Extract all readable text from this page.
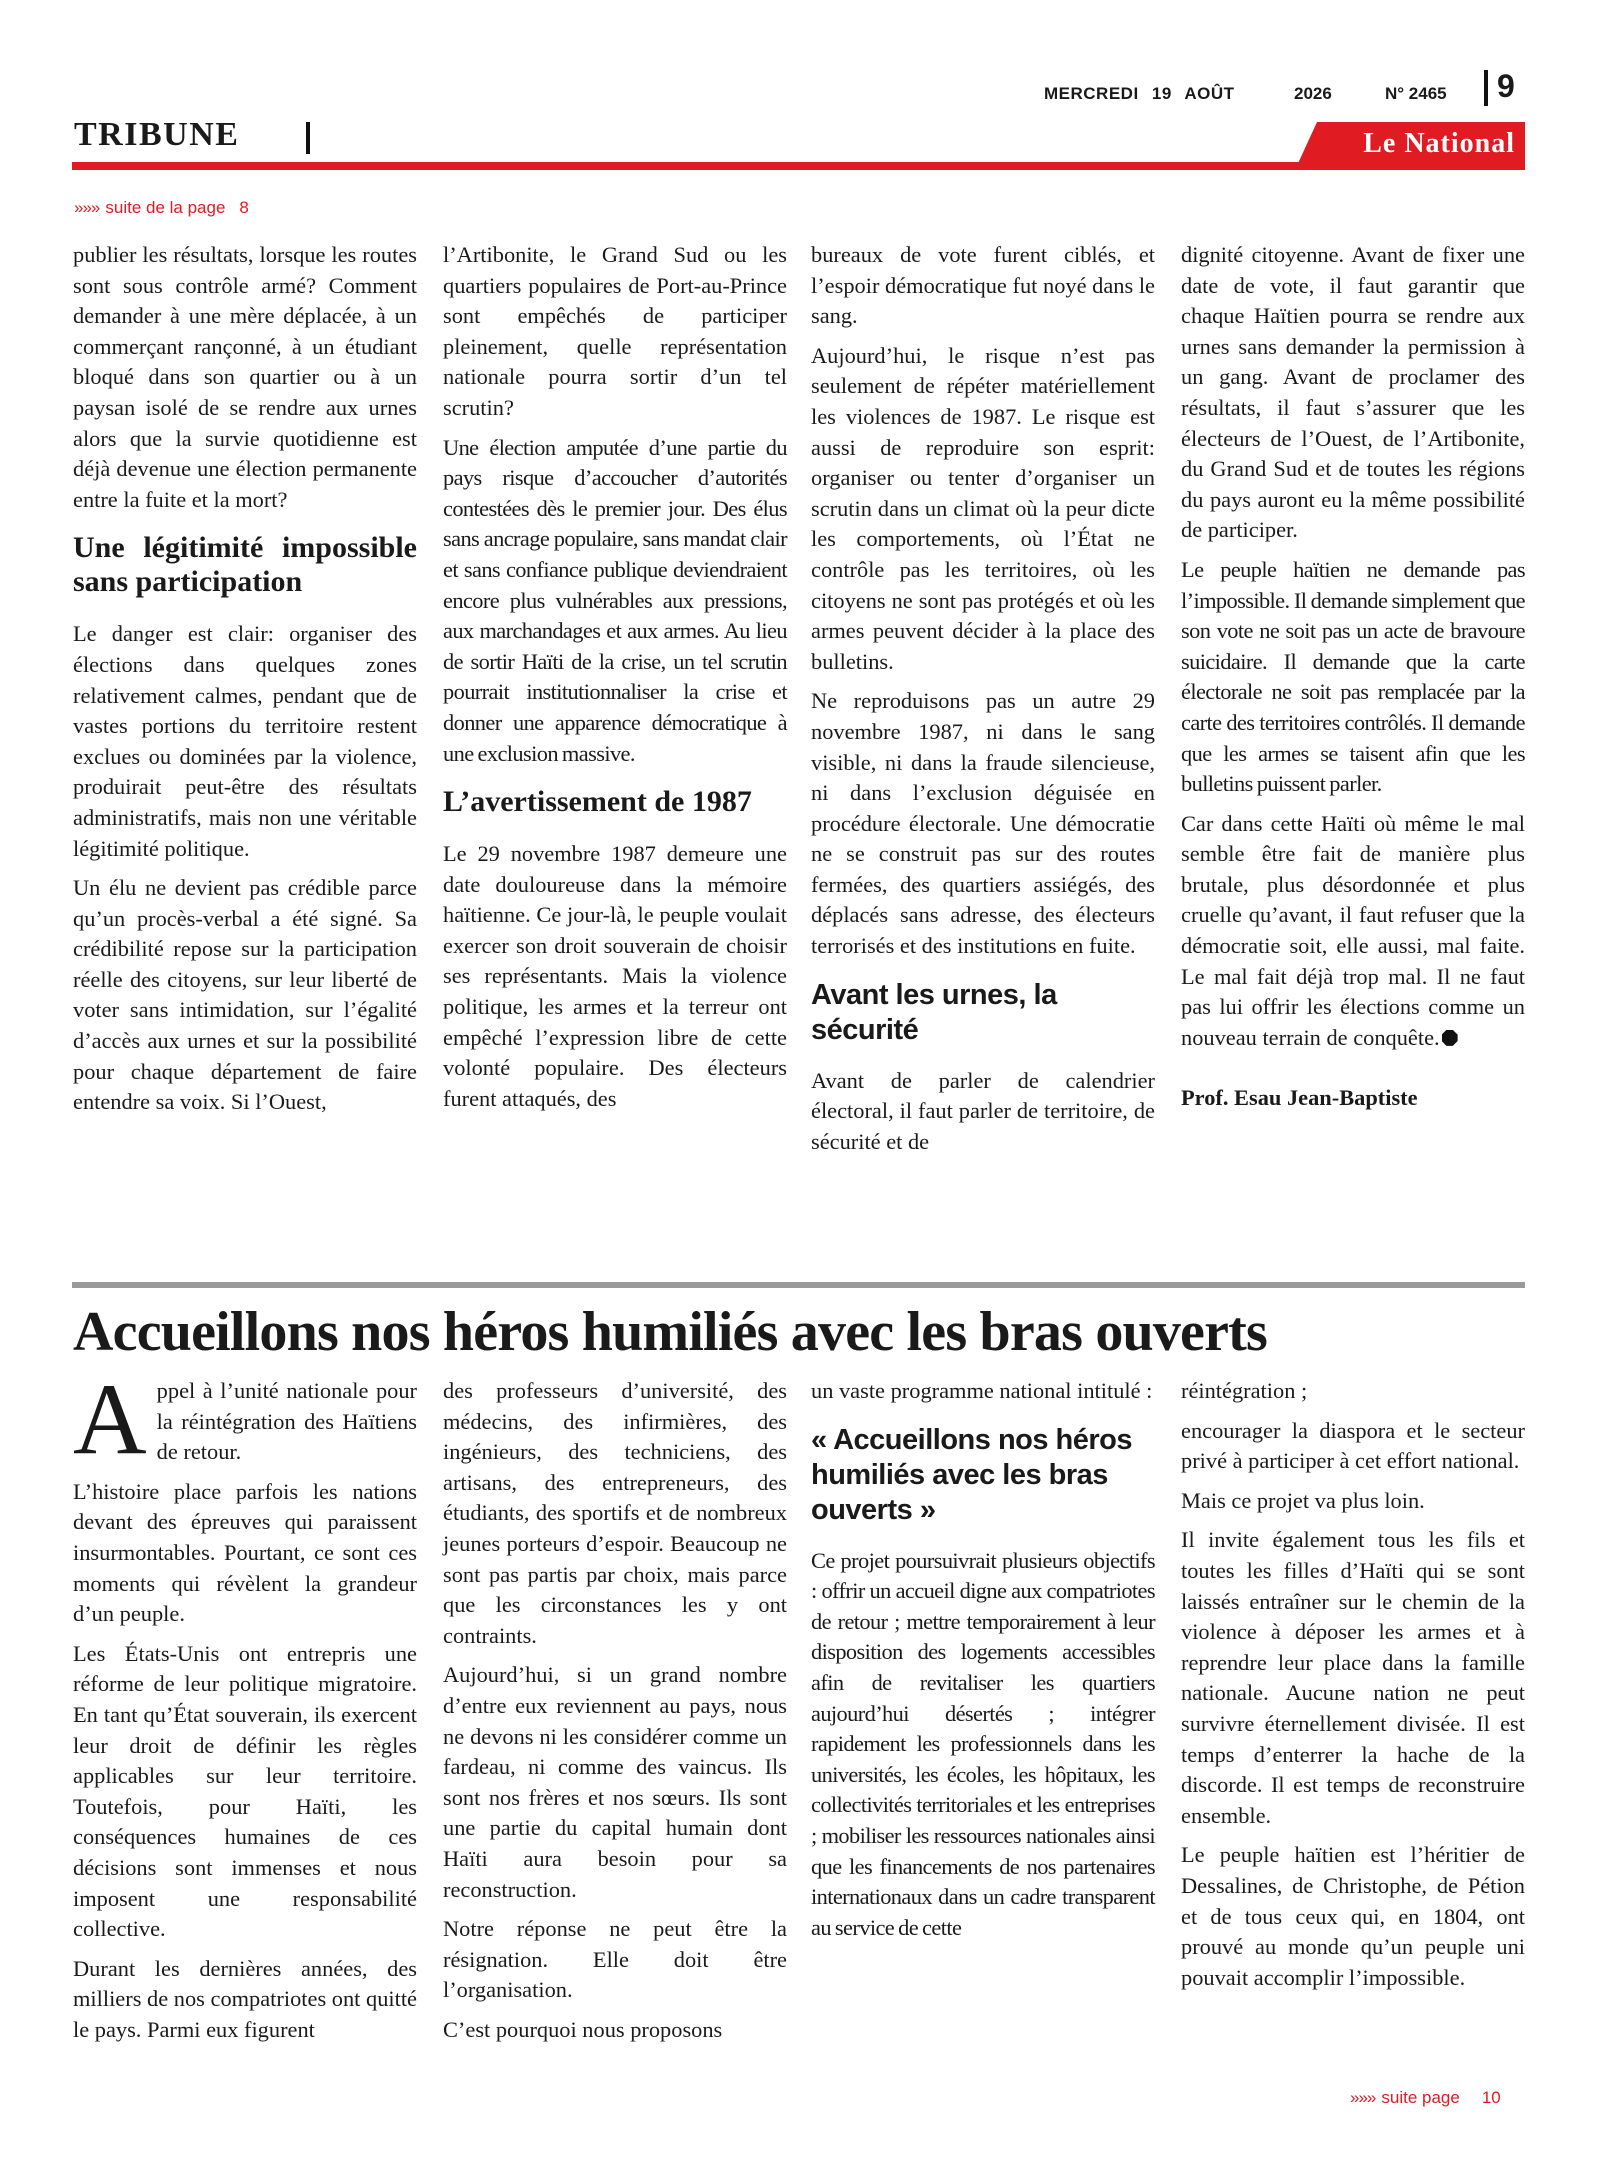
MERCREDI 19 AOÛT	2026	N° 2465 9
TRIBUNE	Le National
»»» suite de la page 8

publier les résultats, lorsque les routes sont sous contrôle armé? Comment demander à une mère déplacée, à un commerçant rançonné, à un étudiant bloqué dans son quartier ou à un paysan isolé de se rendre aux urnes alors que la survie quotidienne est déjà devenue une élection permanente entre la fuite et la mort?

Une légitimité impossible sans participation

Le danger est clair: organiser des élections dans quelques zones relativement calmes, pendant que de vastes portions du territoire restent exclues ou dominées par la violence, produirait peut-être des résultats administratifs, mais non une véritable légitimité politique.

Un élu ne devient pas crédible parce qu’un procès-verbal a été signé. Sa crédibilité repose sur la participation réelle des citoyens, sur leur liberté de voter sans intimidation, sur l’égalité d’accès aux urnes et sur la possibilité pour chaque département de faire entendre sa voix. Si l’Ouest,

l’Artibonite, le Grand Sud ou les quartiers populaires de Port-au-Prince sont empêchés de participer pleinement, quelle représentation nationale pourra sortir d’un tel scrutin?

Une élection amputée d’une partie du pays risque d’accoucher d’autorités contestées dès le premier jour. Des élus sans ancrage populaire, sans mandat clair et sans confiance publique deviendraient encore plus vulnérables aux pressions, aux marchandages et aux armes. Au lieu de sortir Haïti de la crise, un tel scrutin pourrait institutionnaliser la crise et donner une apparence démocratique à une exclusion massive.

L’avertissement de 1987

Le 29 novembre 1987 demeure une date douloureuse dans la mémoire haïtienne. Ce jour-là, le peuple voulait exercer son droit souverain de choisir ses représentants. Mais la violence politique, les armes et la terreur ont empêché l’expression libre de cette volonté populaire. Des électeurs furent attaqués, des

bureaux de vote furent ciblés, et l’espoir démocratique fut noyé dans le sang.

Aujourd’hui, le risque n’est pas seulement de répéter matériellement les violences de 1987. Le risque est aussi de reproduire son esprit: organiser ou tenter d’organiser un scrutin dans un climat où la peur dicte les comportements, où l’État ne contrôle pas les territoires, où les citoyens ne sont pas protégés et où les armes peuvent décider à la place des bulletins.

Ne reproduisons pas un autre 29 novembre 1987, ni dans le sang visible, ni dans la fraude silencieuse, ni dans l’exclusion déguisée en procédure électorale. Une démocratie ne se construit pas sur des routes fermées, des quartiers assiégés, des déplacés sans adresse, des électeurs terrorisés et des institutions en fuite.

Avant les urnes, la sécurité

Avant de parler de calendrier électoral, il faut parler de territoire, de sécurité et de

dignité citoyenne. Avant de fixer une date de vote, il faut garantir que chaque Haïtien pourra se rendre aux urnes sans demander la permission à un gang. Avant de proclamer des résultats, il faut s’assurer que les électeurs de l’Ouest, de l’Artibonite, du Grand Sud et de toutes les régions du pays auront eu la même possibilité de participer.

Le peuple haïtien ne demande pas l’impossible. Il demande simplement que son vote ne soit pas un acte de bravoure suicidaire. Il demande que la carte électorale ne soit pas remplacée par la carte des territoires contrôlés. Il demande que les armes se taisent afin que les bulletins puissent parler.

Car dans cette Haïti où même le mal semble être fait de manière plus brutale, plus désordonnée et plus cruelle qu’avant, il faut refuser que la démocratie soit, elle aussi, mal faite. Le mal fait déjà trop mal. Il ne faut pas lui offrir les élections comme un nouveau terrain de conquête.

Prof. Esau Jean-Baptiste

Accueillons nos héros humiliés avec les bras ouverts

Appel à l’unité nationale pour la réintégration des Haïtiens de retour.

L’histoire place parfois les nations devant des épreuves qui paraissent insurmontables. Pourtant, ce sont ces moments qui révèlent la grandeur d’un peuple.

Les États-Unis ont entrepris une réforme de leur politique migratoire. En tant qu’État souverain, ils exercent leur droit de définir les règles applicables sur leur territoire. Toutefois, pour Haïti, les conséquences humaines de ces décisions sont immenses et nous imposent une responsabilité collective.

Durant les dernières années, des milliers de nos compatriotes ont quitté le pays. Parmi eux figurent

des professeurs d’université, des médecins, des infirmières, des ingénieurs, des techniciens, des artisans, des entrepreneurs, des étudiants, des sportifs et de nombreux jeunes porteurs d’espoir. Beaucoup ne sont pas partis par choix, mais parce que les circonstances les y ont contraints.

Aujourd’hui, si un grand nombre d’entre eux reviennent au pays, nous ne devons ni les considérer comme un fardeau, ni comme des vaincus. Ils sont nos frères et nos sœurs. Ils sont une partie du capital humain dont Haïti aura besoin pour sa reconstruction.

Notre réponse ne peut être la résignation. Elle doit être l’organisation.

C’est pourquoi nous proposons

un vaste programme national intitulé :

« Accueillons nos héros humiliés avec les bras ouverts »

Ce projet poursuivrait plusieurs objectifs : offrir un accueil digne aux compatriotes de retour ; mettre temporairement à leur disposition des logements accessibles afin de revitaliser les quartiers aujourd’hui désertés ; intégrer rapidement les professionnels dans les universités, les écoles, les hôpitaux, les collectivités territoriales et les entreprises ; mobiliser les ressources nationales ainsi que les financements de nos partenaires internationaux dans un cadre transparent au service de cette

réintégration ;

encourager la diaspora et le secteur privé à participer à cet effort national.

Mais ce projet va plus loin.

Il invite également tous les fils et toutes les filles d’Haïti qui se sont laissés entraîner sur le chemin de la violence à déposer les armes et à reprendre leur place dans la famille nationale. Aucune nation ne peut survivre éternellement divisée. Il est temps d’enterrer la hache de la discorde. Il est temps de reconstruire ensemble.

Le peuple haïtien est l’héritier de Dessalines, de Christophe, de Pétion et de tous ceux qui, en 1804, ont prouvé au monde qu’un peuple uni pouvait accomplir l’impossible.

»»» suite page 10
